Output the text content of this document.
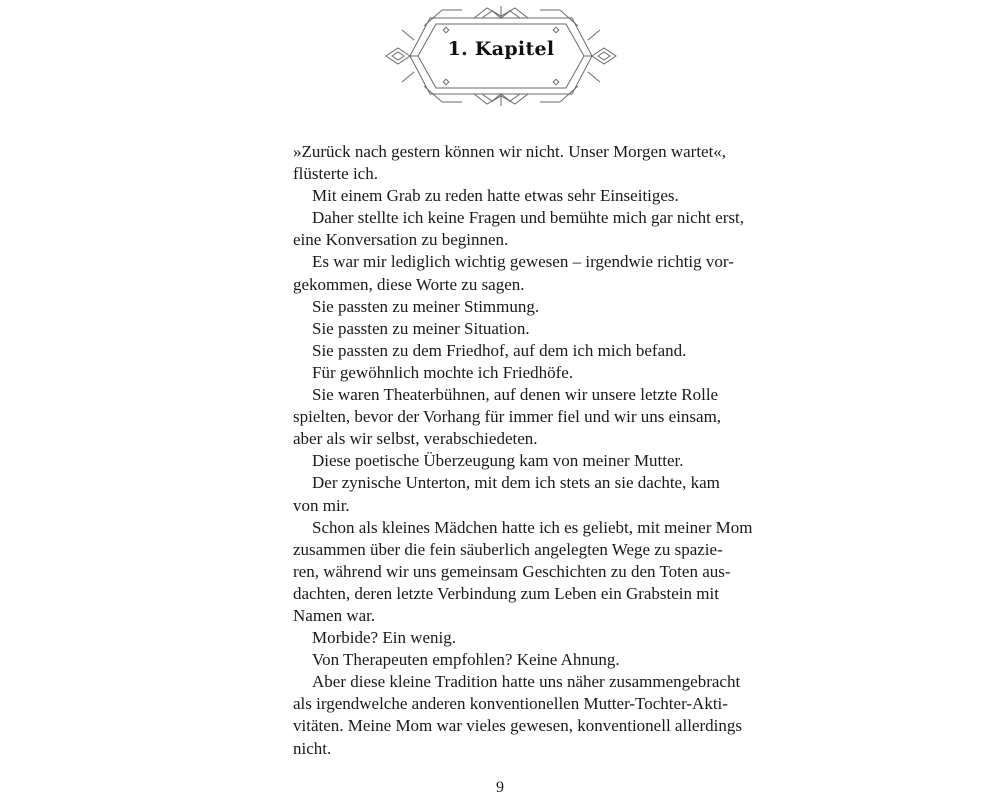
1. Kapitel
»Zurück nach gestern können wir nicht. Unser Morgen wartet«,
flüsterte ich.
Mit einem Grab zu reden hatte etwas sehr Einseitiges.
Daher stellte ich keine Fragen und bemühte mich gar nicht erst,
eine Konversation zu beginnen.
Es war mir lediglich wichtig gewesen – irgendwie richtig vor-
gekommen, diese Worte zu sagen.
Sie passten zu meiner Stimmung.
Sie passten zu meiner Situation.
Sie passten zu dem Friedhof, auf dem ich mich befand.
Für gewöhnlich mochte ich Friedhöfe.
Sie waren Theaterbühnen, auf denen wir unsere letzte Rolle
spielten, bevor der Vorhang für immer fiel und wir uns einsam,
aber als wir selbst, verabschiedeten.
Diese poetische Überzeugung kam von meiner Mutter.
Der zynische Unterton, mit dem ich stets an sie dachte, kam
von mir.
Schon als kleines Mädchen hatte ich es geliebt, mit meiner Mom
zusammen über die fein säuberlich angelegten Wege zu spazie-
ren, während wir uns gemeinsam Geschichten zu den Toten aus-
dachten, deren letzte Verbindung zum Leben ein Grabstein mit
Namen war.
Morbide? Ein wenig.
Von Therapeuten empfohlen? Keine Ahnung.
Aber diese kleine Tradition hatte uns näher zusammengebracht
als irgendwelche anderen konventionellen Mutter-Tochter-Akti-
vitäten. Meine Mom war vieles gewesen, konventionell allerdings
nicht.
9
